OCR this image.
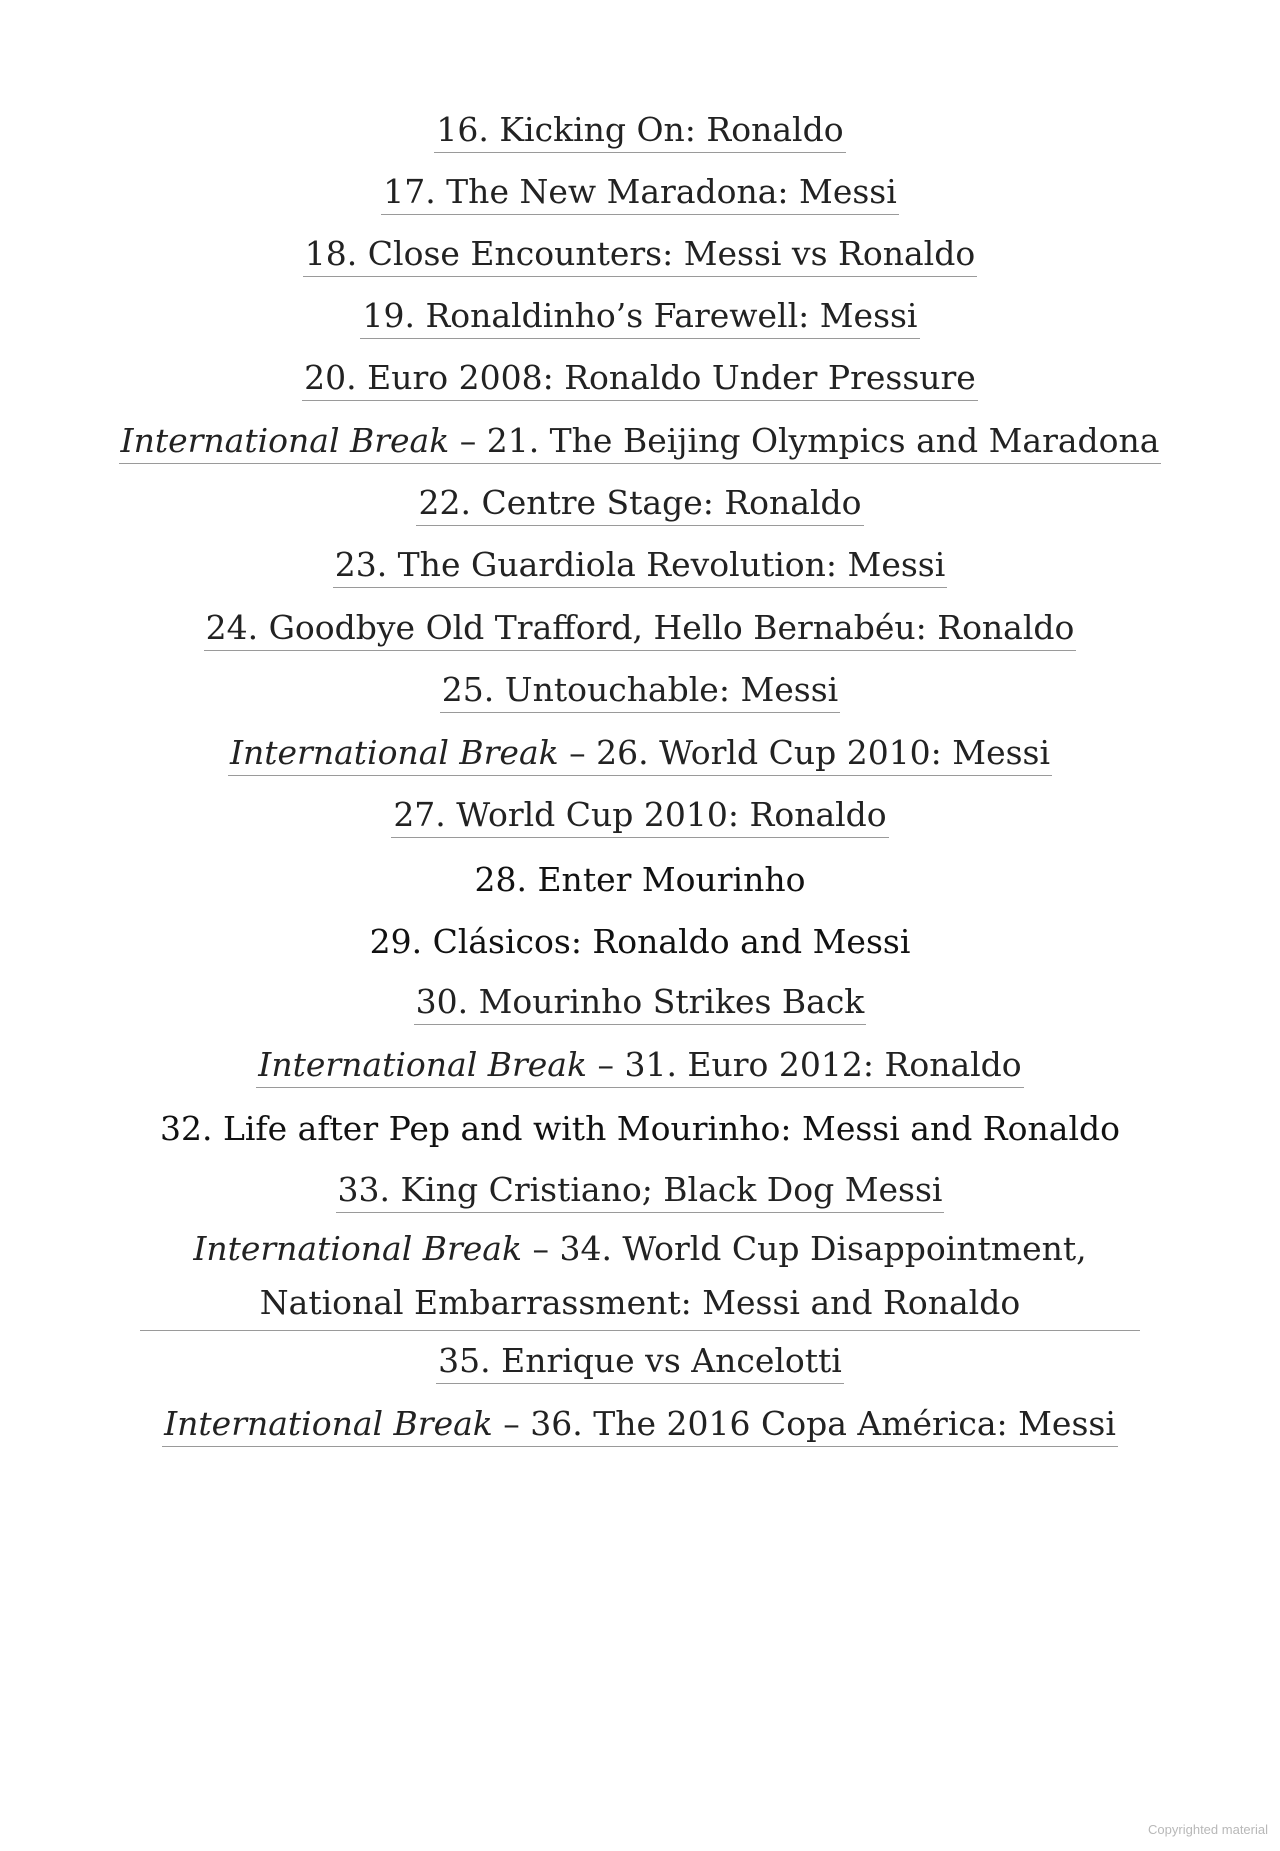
16. Kicking On: Ronaldo
17. The New Maradona: Messi
18. Close Encounters: Messi vs Ronaldo
19. Ronaldinho’s Farewell: Messi
20. Euro 2008: Ronaldo Under Pressure
International Break – 21. The Beijing Olympics and Maradona
22. Centre Stage: Ronaldo
23. The Guardiola Revolution: Messi
24. Goodbye Old Trafford, Hello Bernabéu: Ronaldo
25. Untouchable: Messi
International Break – 26. World Cup 2010: Messi
27. World Cup 2010: Ronaldo
28. Enter Mourinho
29. Clásicos: Ronaldo and Messi
30. Mourinho Strikes Back
International Break – 31. Euro 2012: Ronaldo
32. Life after Pep and with Mourinho: Messi and Ronaldo
33. King Cristiano; Black Dog Messi
International Break – 34. World Cup Disappointment, National Embarrassment: Messi and Ronaldo
35. Enrique vs Ancelotti
International Break – 36. The 2016 Copa América: Messi
Copyrighted material
